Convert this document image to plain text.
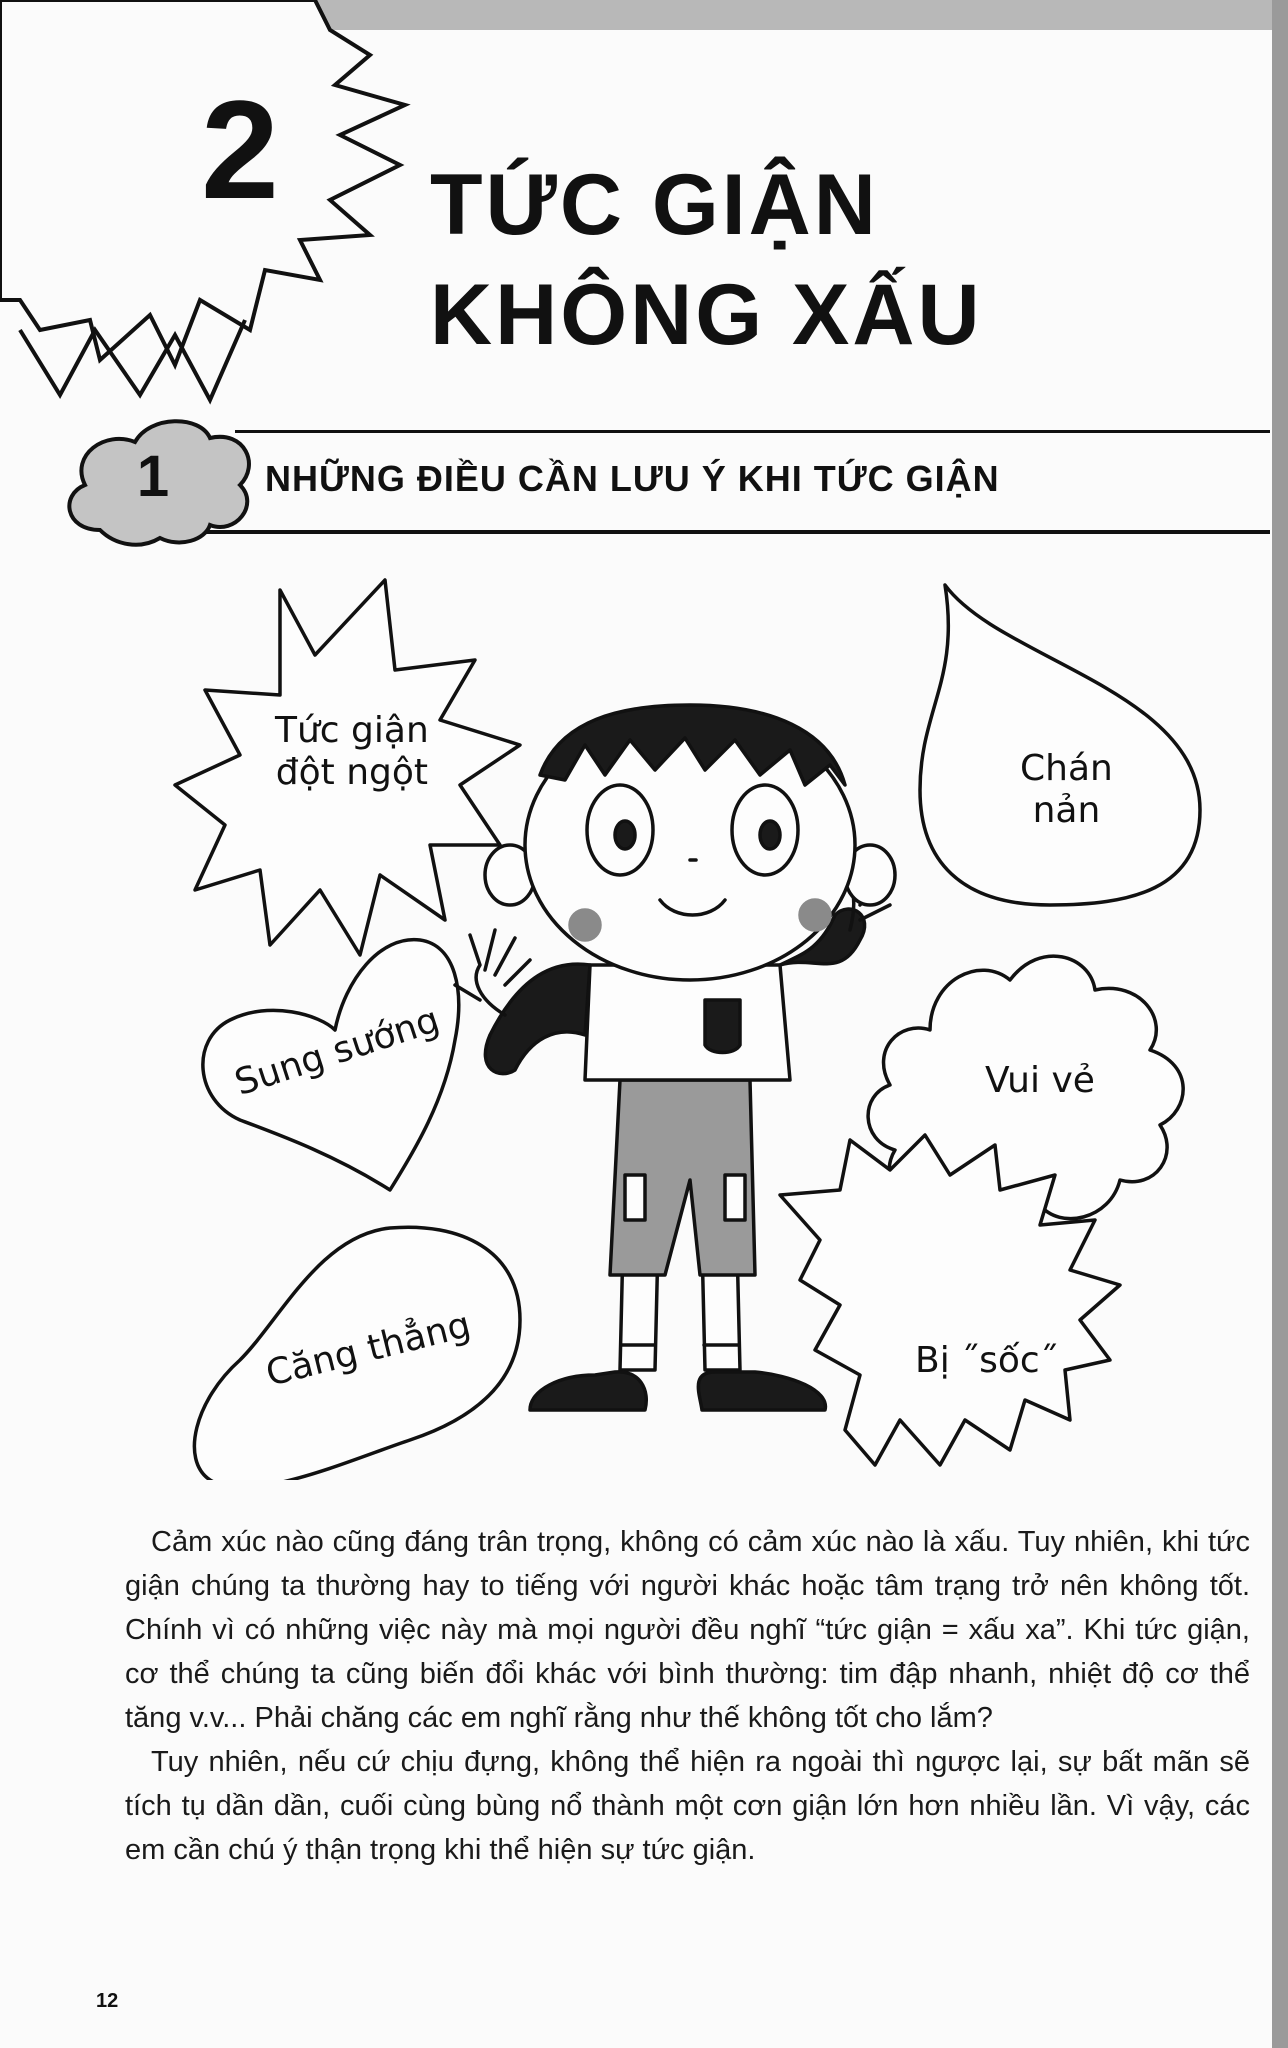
2 TỨC GIẬN
KHÔNG XẤU
1	NHỮNG ĐIỀU CẦN LƯU Ý KHI TỨC GIẬN
Tức giận
đột ngột	Chán
nản
Sung sướng	Vui vẻ
Căng thẳng	Bị ˝sốc˝

Cảm xúc nào cũng đáng trân trọng, không có cảm xúc nào là xấu. Tuy nhiên, khi tức giận chúng ta thường hay to tiếng với người khác hoặc tâm trạng trở nên không tốt. Chính vì có những việc này mà mọi người đều nghĩ “tức giận = xấu xa”. Khi tức giận, cơ thể chúng ta cũng biến đổi khác với bình thường: tim đập nhanh, nhiệt độ cơ thể tăng v.v... Phải chăng các em nghĩ rằng như thế không tốt cho lắm?

Tuy nhiên, nếu cứ chịu đựng, không thể hiện ra ngoài thì ngược lại, sự bất mãn sẽ tích tụ dần dần, cuối cùng bùng nổ thành một cơn giận lớn hơn nhiều lần. Vì vậy, các em cần chú ý thận trọng khi thể hiện sự tức giận.

12
